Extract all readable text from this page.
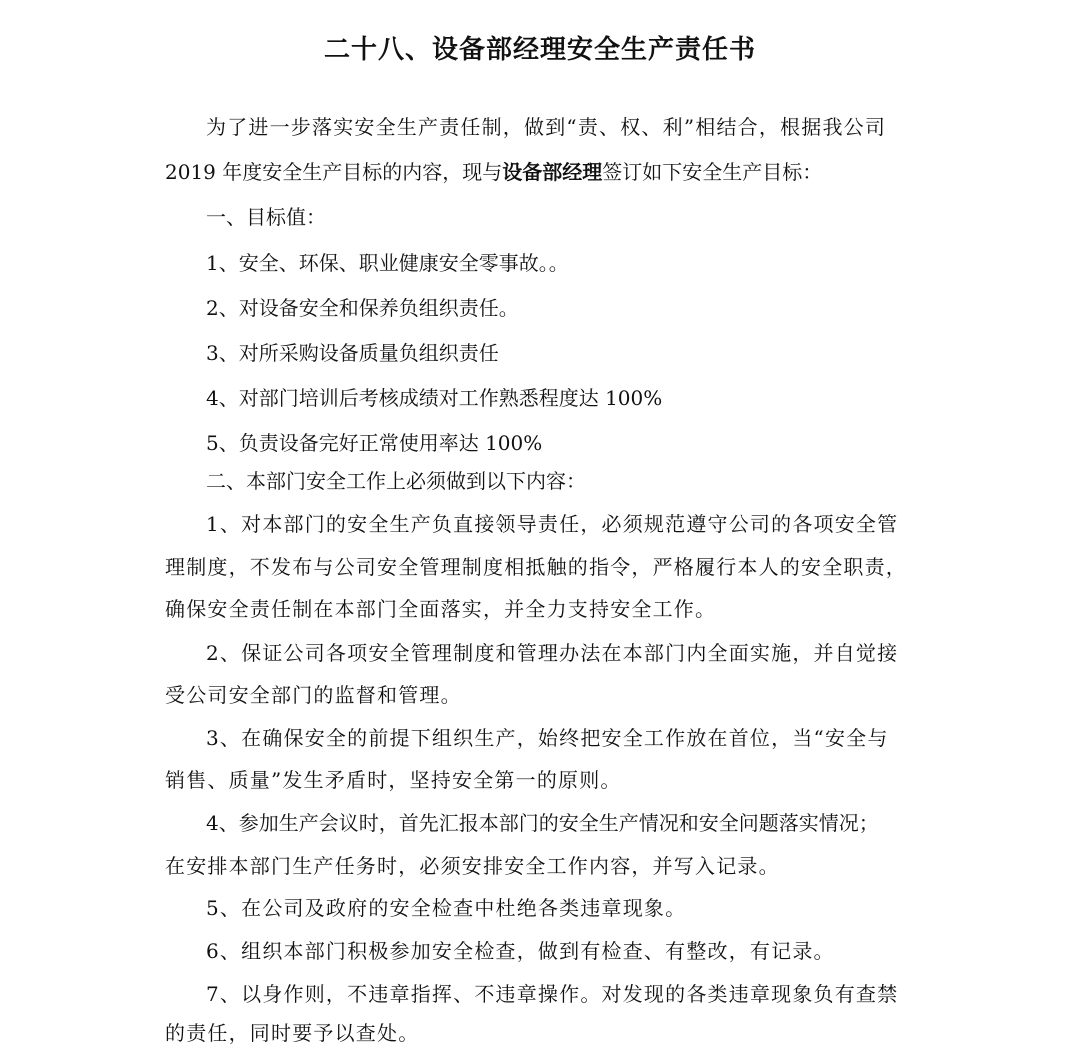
二十八、设备部经理安全生产责任书
为了进一步落实安全生产责任制，做到“责、权、利”相结合，根据我公司
2019 年度安全生产目标的内容，现与设备部经理签订如下安全生产目标：
一、目标值：
1、安全、环保、职业健康安全零事故。。
2、对设备安全和保养负组织责任。
3、对所采购设备质量负组织责任
4、对部门培训后考核成绩对工作熟悉程度达 100%
5、负责设备完好正常使用率达 100%
二、本部门安全工作上必须做到以下内容：
1、对本部门的安全生产负直接领导责任，必须规范遵守公司的各项安全管
理制度，不发布与公司安全管理制度相抵触的指令，严格履行本人的安全职责，
确保安全责任制在本部门全面落实，并全力支持安全工作。
2、保证公司各项安全管理制度和管理办法在本部门内全面实施，并自觉接
受公司安全部门的监督和管理。
3、在确保安全的前提下组织生产，始终把安全工作放在首位，当“安全与
销售、质量”发生矛盾时，坚持安全第一的原则。
4、参加生产会议时，首先汇报本部门的安全生产情况和安全问题落实情况；
在安排本部门生产任务时，必须安排安全工作内容，并写入记录。
5、在公司及政府的安全检查中杜绝各类违章现象。
6、组织本部门积极参加安全检查，做到有检查、有整改，有记录。
7、以身作则，不违章指挥、不违章操作。对发现的各类违章现象负有查禁
的责任，同时要予以查处。
